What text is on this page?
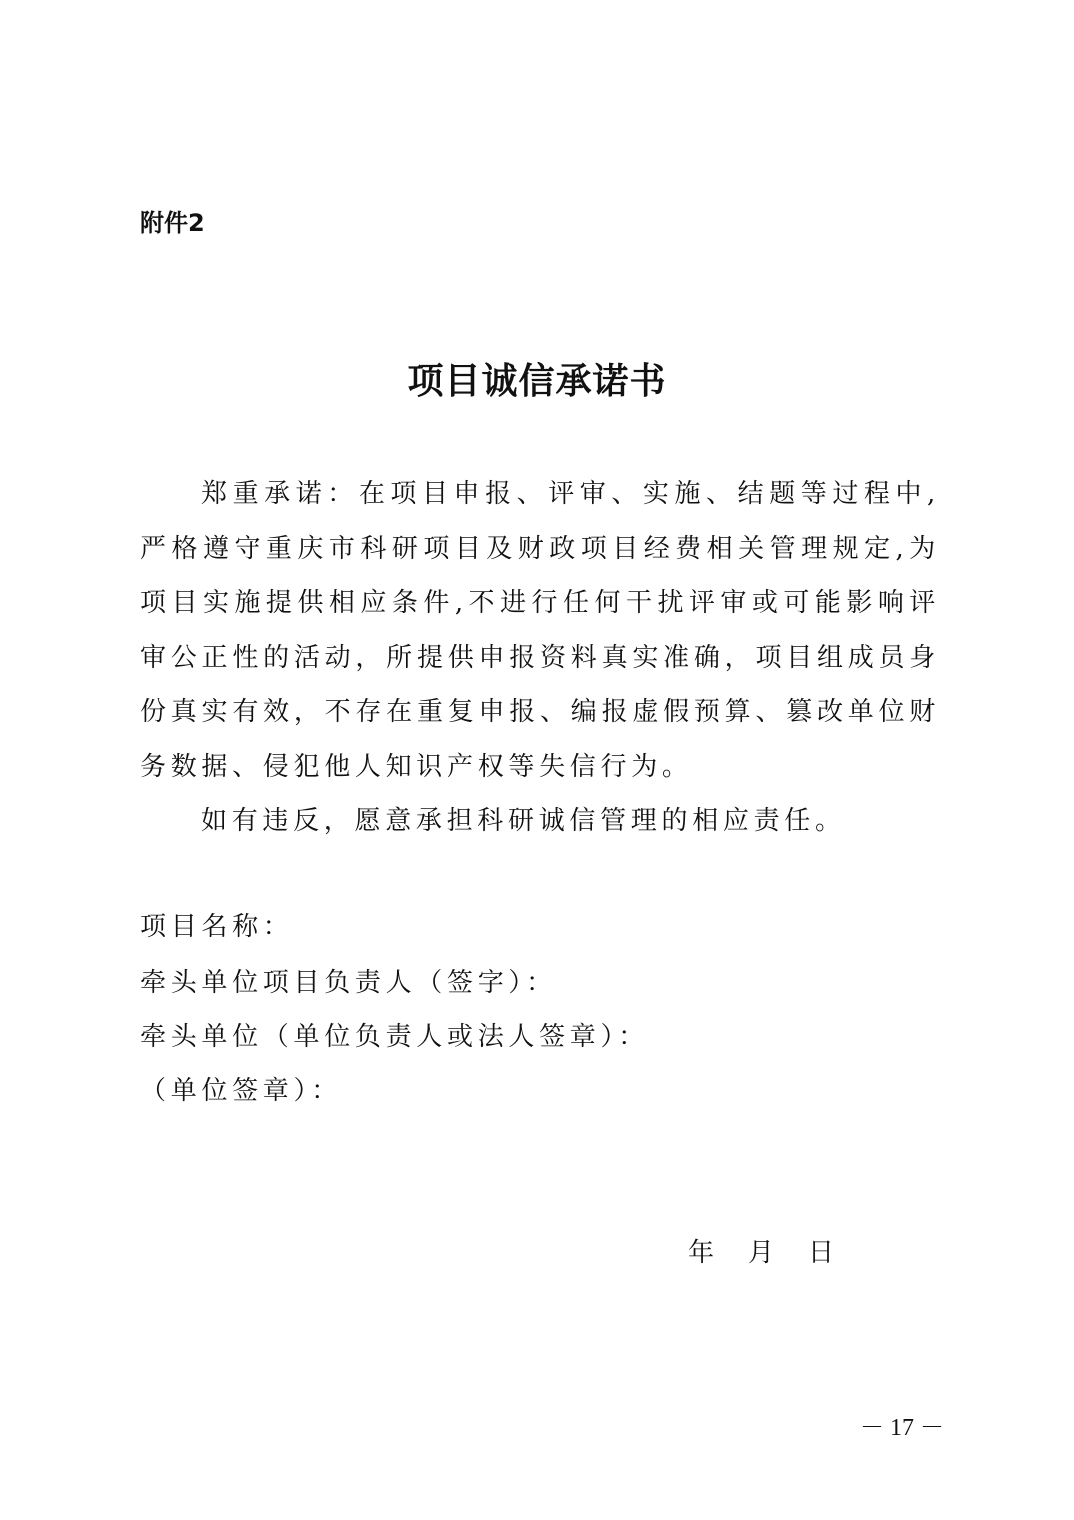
附件2
项目诚信承诺书
郑重承诺：在项目申报、评审、实施、结题等过程中,严格遵守重庆市科研项目及财政项目经费相关管理规定,为项目实施提供相应条件,不进行任何干扰评审或可能影响评审公正性的活动，所提供申报资料真实准确，项目组成员身份真实有效，不存在重复申报、编报虚假预算、篡改单位财务数据、侵犯他人知识产权等失信行为。
如有违反，愿意承担科研诚信管理的相应责任。
项目名称：
牵头单位项目负责人（签字）：
牵头单位（单位负责人或法人签章）：
（单位签章）：
年 月 日
－ 17 －
